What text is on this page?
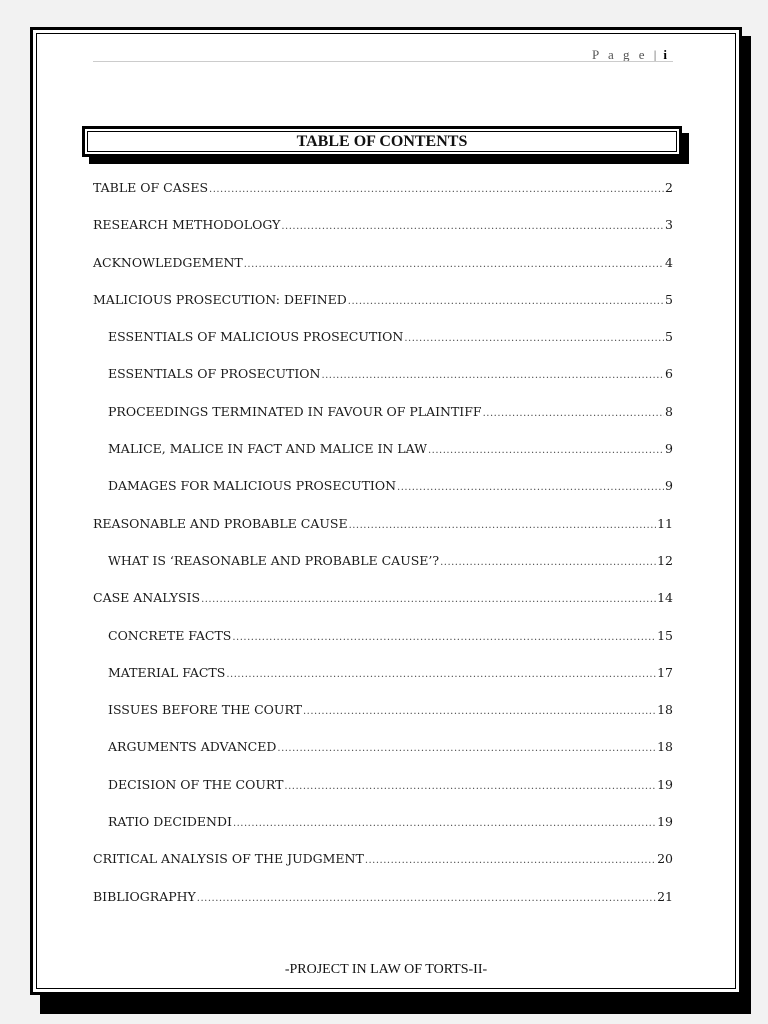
P a g e | i
TABLE OF CONTENTS
TABLE OF CASES .....	2
RESEARCH METHODOLOGY .....	3
ACKNOWLEDGEMENT .....	4
MALICIOUS PROSECUTION: DEFINED .....	5
ESSENTIALS OF MALICIOUS PROSECUTION .....	5
ESSENTIALS OF PROSECUTION .....	6
PROCEEDINGS TERMINATED IN FAVOUR OF PLAINTIFF .....	8
MALICE, MALICE IN FACT AND MALICE IN LAW .....	9
DAMAGES FOR MALICIOUS PROSECUTION .....	9
REASONABLE AND PROBABLE CAUSE .....	11
WHAT IS ‘REASONABLE AND PROBABLE CAUSE’? .....	12
CASE ANALYSIS .....	14
CONCRETE FACTS .....	15
MATERIAL FACTS .....	17
ISSUES BEFORE THE COURT .....	18
ARGUMENTS ADVANCED .....	18
DECISION OF THE COURT .....	19
RATIO DECIDENDI .....	19
CRITICAL ANALYSIS OF THE JUDGMENT .....	20
BIBLIOGRAPHY .....	21
-PROJECT IN LAW OF TORTS-II-
